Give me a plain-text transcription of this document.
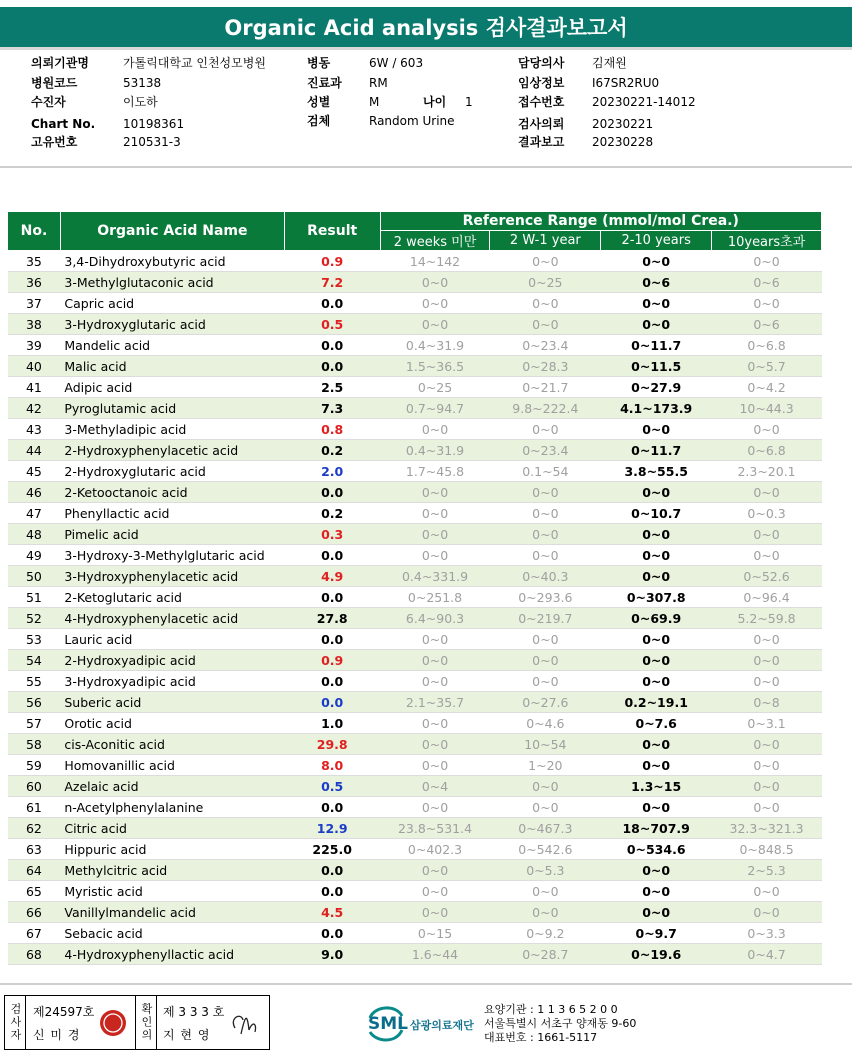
Organic Acid analysis 검사결과보고서
의뢰기관명	가톨릭대학교 인천성모병원
병원코드	53138
수진자	이도하
Chart No. 10198361
고유번호	210531-3
병동	6W / 603
진료과 RM
성별	M	나이 1
검체	Random Urine
담당의사 김재원
임상정보 I67SR2RU0
접수번호 20230221-14012
검사의뢰 20230221
결과보고 20230228
No.	Organic Acid Name	Result	Reference Range (mmol/mol Crea.)			
			2 weeks 미만	2 W-1 year	2-10 years	10years초과
35	3,4-Dihydroxybutyric acid	0.9	14~142	0~0	0~0	0~0
36	3-Methylglutaconic acid	7.2	0~0	0~25	0~6	0~6
37	Capric acid	0.0	0~0	0~0	0~0	0~0
38	3-Hydroxyglutaric acid	0.5	0~0	0~0	0~0	0~6
39	Mandelic acid	0.0	0.4~31.9	0~23.4	0~11.7	0~6.8
40	Malic acid	0.0	1.5~36.5	0~28.3	0~11.5	0~5.7
41	Adipic acid	2.5	0~25	0~21.7	0~27.9	0~4.2
42	Pyroglutamic acid	7.3	0.7~94.7	9.8~222.4	4.1~173.9	10~44.3
43	3-Methyladipic acid	0.8	0~0	0~0	0~0	0~0
44	2-Hydroxyphenylacetic acid	0.2	0.4~31.9	0~23.4	0~11.7	0~6.8
45	2-Hydroxyglutaric acid	2.0	1.7~45.8	0.1~54	3.8~55.5	2.3~20.1
46	2-Ketooctanoic acid	0.0	0~0	0~0	0~0	0~0
47	Phenyllactic acid	0.2	0~0	0~0	0~10.7	0~0.3
48	Pimelic acid	0.3	0~0	0~0	0~0	0~0
49	3-Hydroxy-3-Methylglutaric acid	0.0	0~0	0~0	0~0	0~0
50	3-Hydroxyphenylacetic acid	4.9	0.4~331.9	0~40.3	0~0	0~52.6
51	2-Ketoglutaric acid	0.0	0~251.8	0~293.6	0~307.8	0~96.4
52	4-Hydroxyphenylacetic acid	27.8	6.4~90.3	0~219.7	0~69.9	5.2~59.8
53	Lauric acid	0.0	0~0	0~0	0~0	0~0
54	2-Hydroxyadipic acid	0.9	0~0	0~0	0~0	0~0
55	3-Hydroxyadipic acid	0.0	0~0	0~0	0~0	0~0
56	Suberic acid	0.0	2.1~35.7	0~27.6	0.2~19.1	0~8
57	Orotic acid	1.0	0~0	0~4.6	0~7.6	0~3.1
58	cis-Aconitic acid	29.8	0~0	10~54	0~0	0~0
59	Homovanillic acid	8.0	0~0	1~20	0~0	0~0
60	Azelaic acid	0.5	0~4	0~0	1.3~15	0~0
61	n-Acetylphenylalanine	0.0	0~0	0~0	0~0	0~0
62	Citric acid	12.9	23.8~531.4	0~467.3	18~707.9	32.3~321.3
63	Hippuric acid	225.0	0~402.3	0~542.6	0~534.6	0~848.5
64	Methylcitric acid	0.0	0~0	0~5.3	0~0	2~5.3
65	Myristic acid	0.0	0~0	0~0	0~0	0~0
66	Vanillylmandelic acid	4.5	0~0	0~0	0~0	0~0
67	Sebacic acid	0.0	0~15	0~9.2	0~9.7	0~3.3
68	4-Hydroxyphenyllactic acid	9.0	1.6~44	0~28.7	0~19.6	0~4.7
검사자 제24597호
신 미 경	확인의 제 3 3 3 호
지 현 영
SML 삼광의료재단
요양기관 : 1 1 3 6 5 2 0 0
서울특별시 서초구 양재동 9-60
대표번호 : 1661-5117
